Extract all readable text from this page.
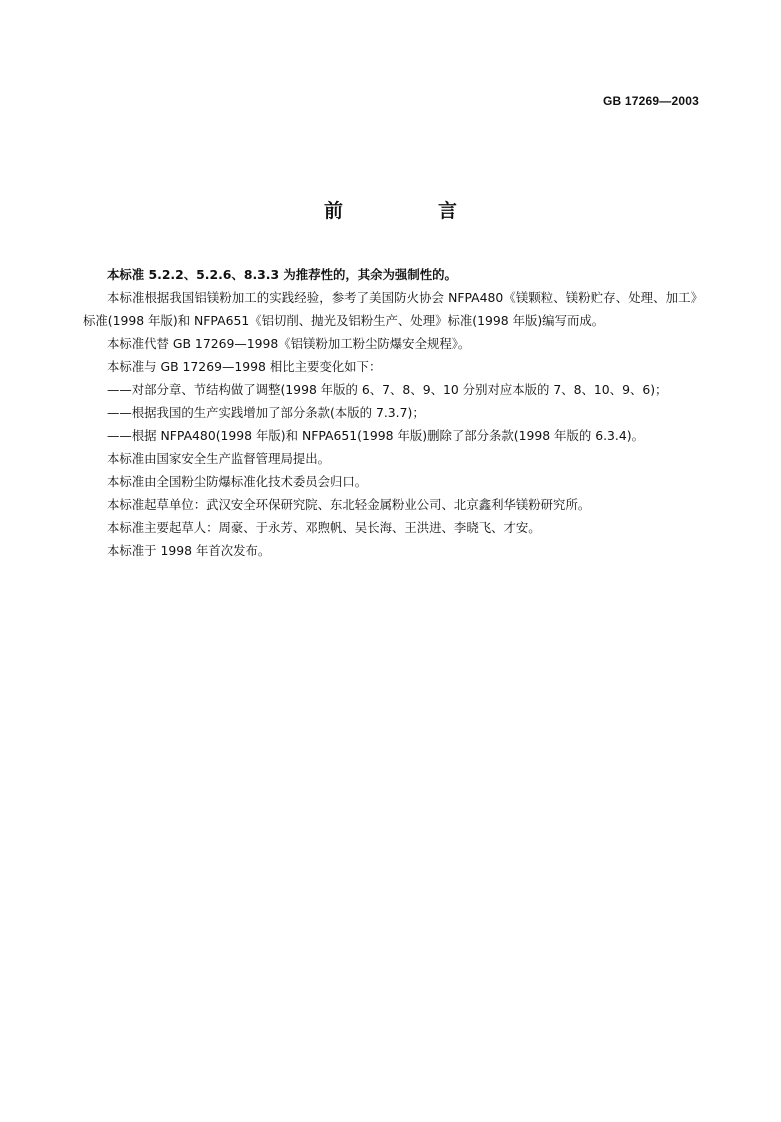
GB 17269—2003
前　言

本标准 5.2.2、5.2.6、8.3.3 为推荐性的，其余为强制性的。

本标准根据我国铝镁粉加工的实践经验，参考了美国防火协会 NFPA480《镁颗粒、镁粉贮存、处理、加工》标准(1998 年版)和 NFPA651《铝切削、抛光及铝粉生产、处理》标准(1998 年版)编写而成。

本标准代替 GB 17269—1998《铝镁粉加工粉尘防爆安全规程》。

本标准与 GB 17269—1998 相比主要变化如下：

——对部分章、节结构做了调整(1998 年版的 6、7、8、9、10 分别对应本版的 7、8、10、9、6)；

——根据我国的生产实践增加了部分条款(本版的 7.3.7)；

——根据 NFPA480(1998 年版)和 NFPA651(1998 年版)删除了部分条款(1998 年版的 6.3.4)。

本标准由国家安全生产监督管理局提出。

本标准由全国粉尘防爆标准化技术委员会归口。

本标准起草单位：武汉安全环保研究院、东北轻金属粉业公司、北京鑫利华镁粉研究所。

本标准主要起草人：周豪、于永芳、邓煦帆、吴长海、王洪进、李晓飞、才安。

本标准于 1998 年首次发布。
